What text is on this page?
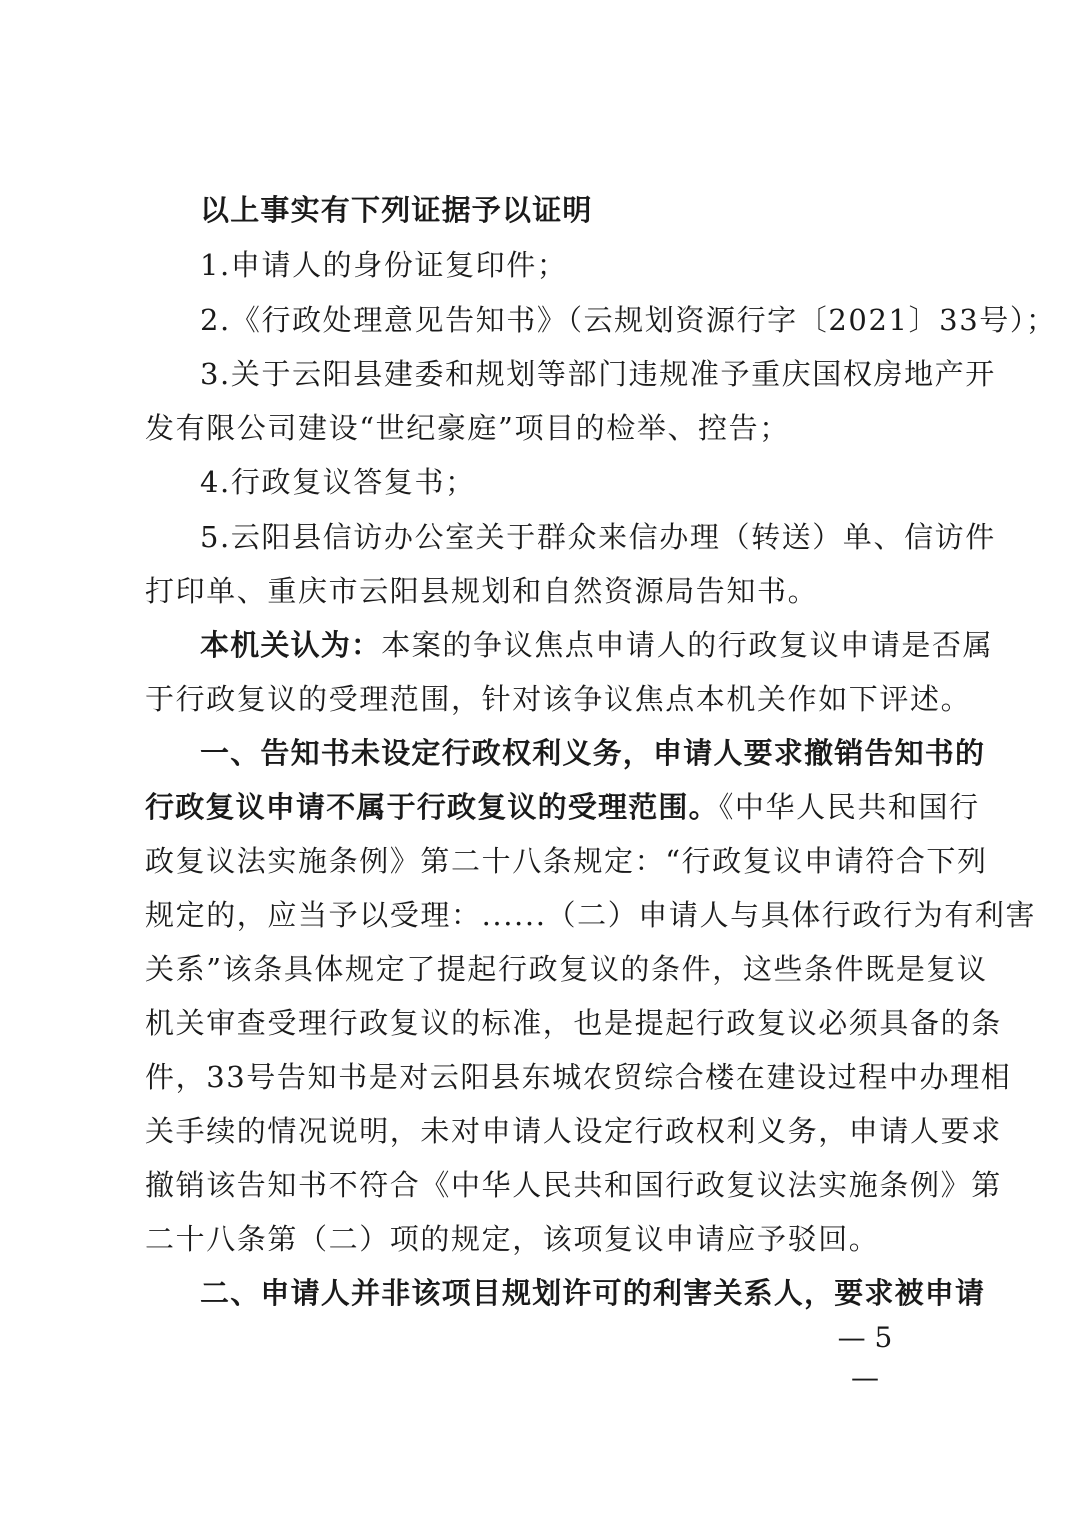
以上事实有下列证据予以证明
1.申请人的身份证复印件；
2.《行政处理意见告知书》（云规划资源行字〔2021〕33号）；
3.关于云阳县建委和规划等部门违规准予重庆国权房地产开
发有限公司建设“世纪豪庭”项目的检举、控告；
4.行政复议答复书；
5.云阳县信访办公室关于群众来信办理（转送）单、信访件
打印单、重庆市云阳县规划和自然资源局告知书。
本机关认为：本案的争议焦点申请人的行政复议申请是否属
于行政复议的受理范围，针对该争议焦点本机关作如下评述。
一、告知书未设定行政权利义务，申请人要求撤销告知书的
行政复议申请不属于行政复议的受理范围。《中华人民共和国行
政复议法实施条例》第二十八条规定：“行政复议申请符合下列
规定的，应当予以受理：......（二）申请人与具体行政行为有利害
关系”该条具体规定了提起行政复议的条件，这些条件既是复议
机关审查受理行政复议的标准，也是提起行政复议必须具备的条
件，33号告知书是对云阳县东城农贸综合楼在建设过程中办理相
关手续的情况说明，未对申请人设定行政权利义务，申请人要求
撤销该告知书不符合《中华人民共和国行政复议法实施条例》第
二十八条第（二）项的规定，该项复议申请应予驳回。
二、申请人并非该项目规划许可的利害关系人，要求被申请
— 5 —
